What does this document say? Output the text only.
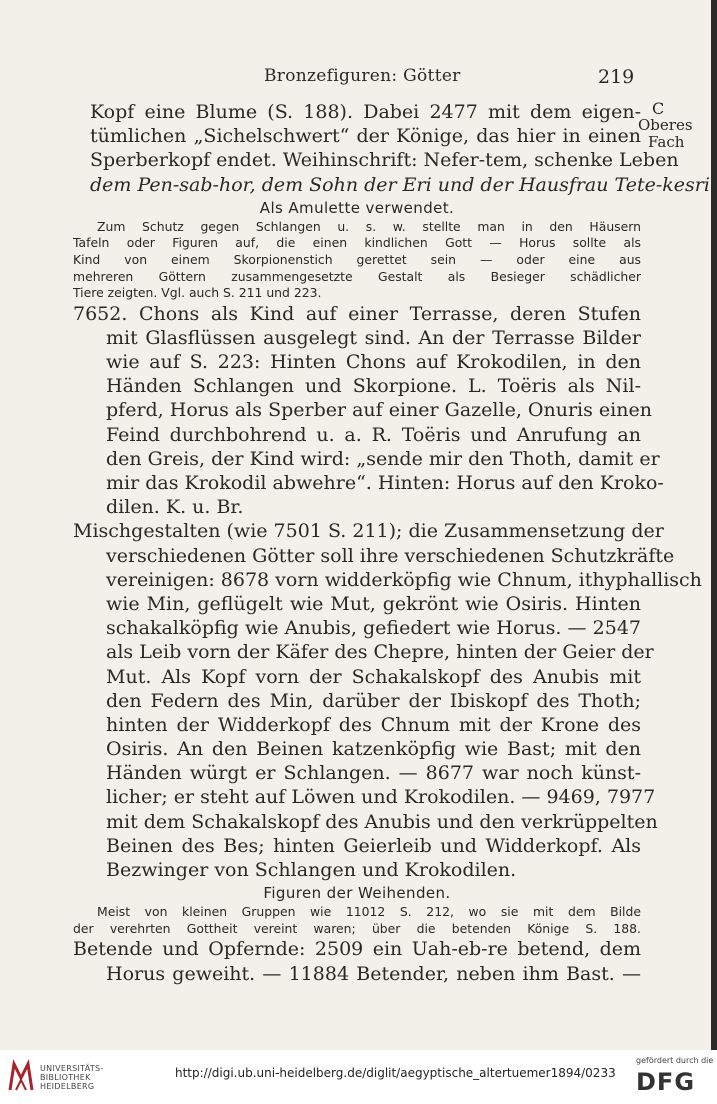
Bronzefiguren: Götter	219
C
Oberes
Fach
Kopf eine Blume (S. 188). Dabei 2477 mit dem eigen-
tümlichen „Sichelschwert“ der Könige, das hier in einen
Sperberkopf endet. Weihinschrift: Nefer-tem, schenke Leben
dem Pen-sab-hor, dem Sohn der Eri und der Hausfrau Tete-kesri.
Als Amulette verwendet.
Zum Schutz gegen Schlangen u. s. w. stellte man in den Häusern
Tafeln oder Figuren auf, die einen kindlichen Gott — Horus sollte als
Kind von einem Skorpionenstich gerettet sein — oder eine aus
mehreren Göttern zusammengesetzte Gestalt als Besieger schädlicher
Tiere zeigten. Vgl. auch S. 211 und 223.
7652. Chons als Kind auf einer Terrasse, deren Stufen
mit Glasflüssen ausgelegt sind. An der Terrasse Bilder
wie auf S. 223: Hinten Chons auf Krokodilen, in den
Händen Schlangen und Skorpione. L. Toëris als Nil-
pferd, Horus als Sperber auf einer Gazelle, Onuris einen
Feind durchbohrend u. a. R. Toëris und Anrufung an
den Greis, der Kind wird: „sende mir den Thoth, damit er
mir das Krokodil abwehre“. Hinten: Horus auf den Kroko-
dilen. K. u. Br.
Mischgestalten (wie 7501 S. 211); die Zusammensetzung der
verschiedenen Götter soll ihre verschiedenen Schutzkräfte
vereinigen: 8678 vorn widderköpfig wie Chnum, ithyphallisch
wie Min, geflügelt wie Mut, gekrönt wie Osiris. Hinten
schakalköpfig wie Anubis, gefiedert wie Horus. — 2547
als Leib vorn der Käfer des Chepre, hinten der Geier der
Mut. Als Kopf vorn der Schakalskopf des Anubis mit
den Federn des Min, darüber der Ibiskopf des Thoth;
hinten der Widderkopf des Chnum mit der Krone des
Osiris. An den Beinen katzenköpfig wie Bast; mit den
Händen würgt er Schlangen. — 8677 war noch künst-
licher; er steht auf Löwen und Krokodilen. — 9469, 7977
mit dem Schakalskopf des Anubis und den verkrüppelten
Beinen des Bes; hinten Geierleib und Widderkopf. Als
Bezwinger von Schlangen und Krokodilen.
Figuren der Weihenden.
Meist von kleinen Gruppen wie 11012 S. 212, wo sie mit dem Bilde
der verehrten Gottheit vereint waren; über die betenden Könige S. 188.
Betende und Opfernde: 2509 ein Uah-eb-re betend, dem
Horus geweiht. — 11884 Betender, neben ihm Bast. —
UNIVERSITÄTS-
BIBLIOTHEK
HEIDELBERG
http://digi.ub.uni-heidelberg.de/diglit/aegyptische_altertuemer1894/0233
gefördert durch die
DFG
